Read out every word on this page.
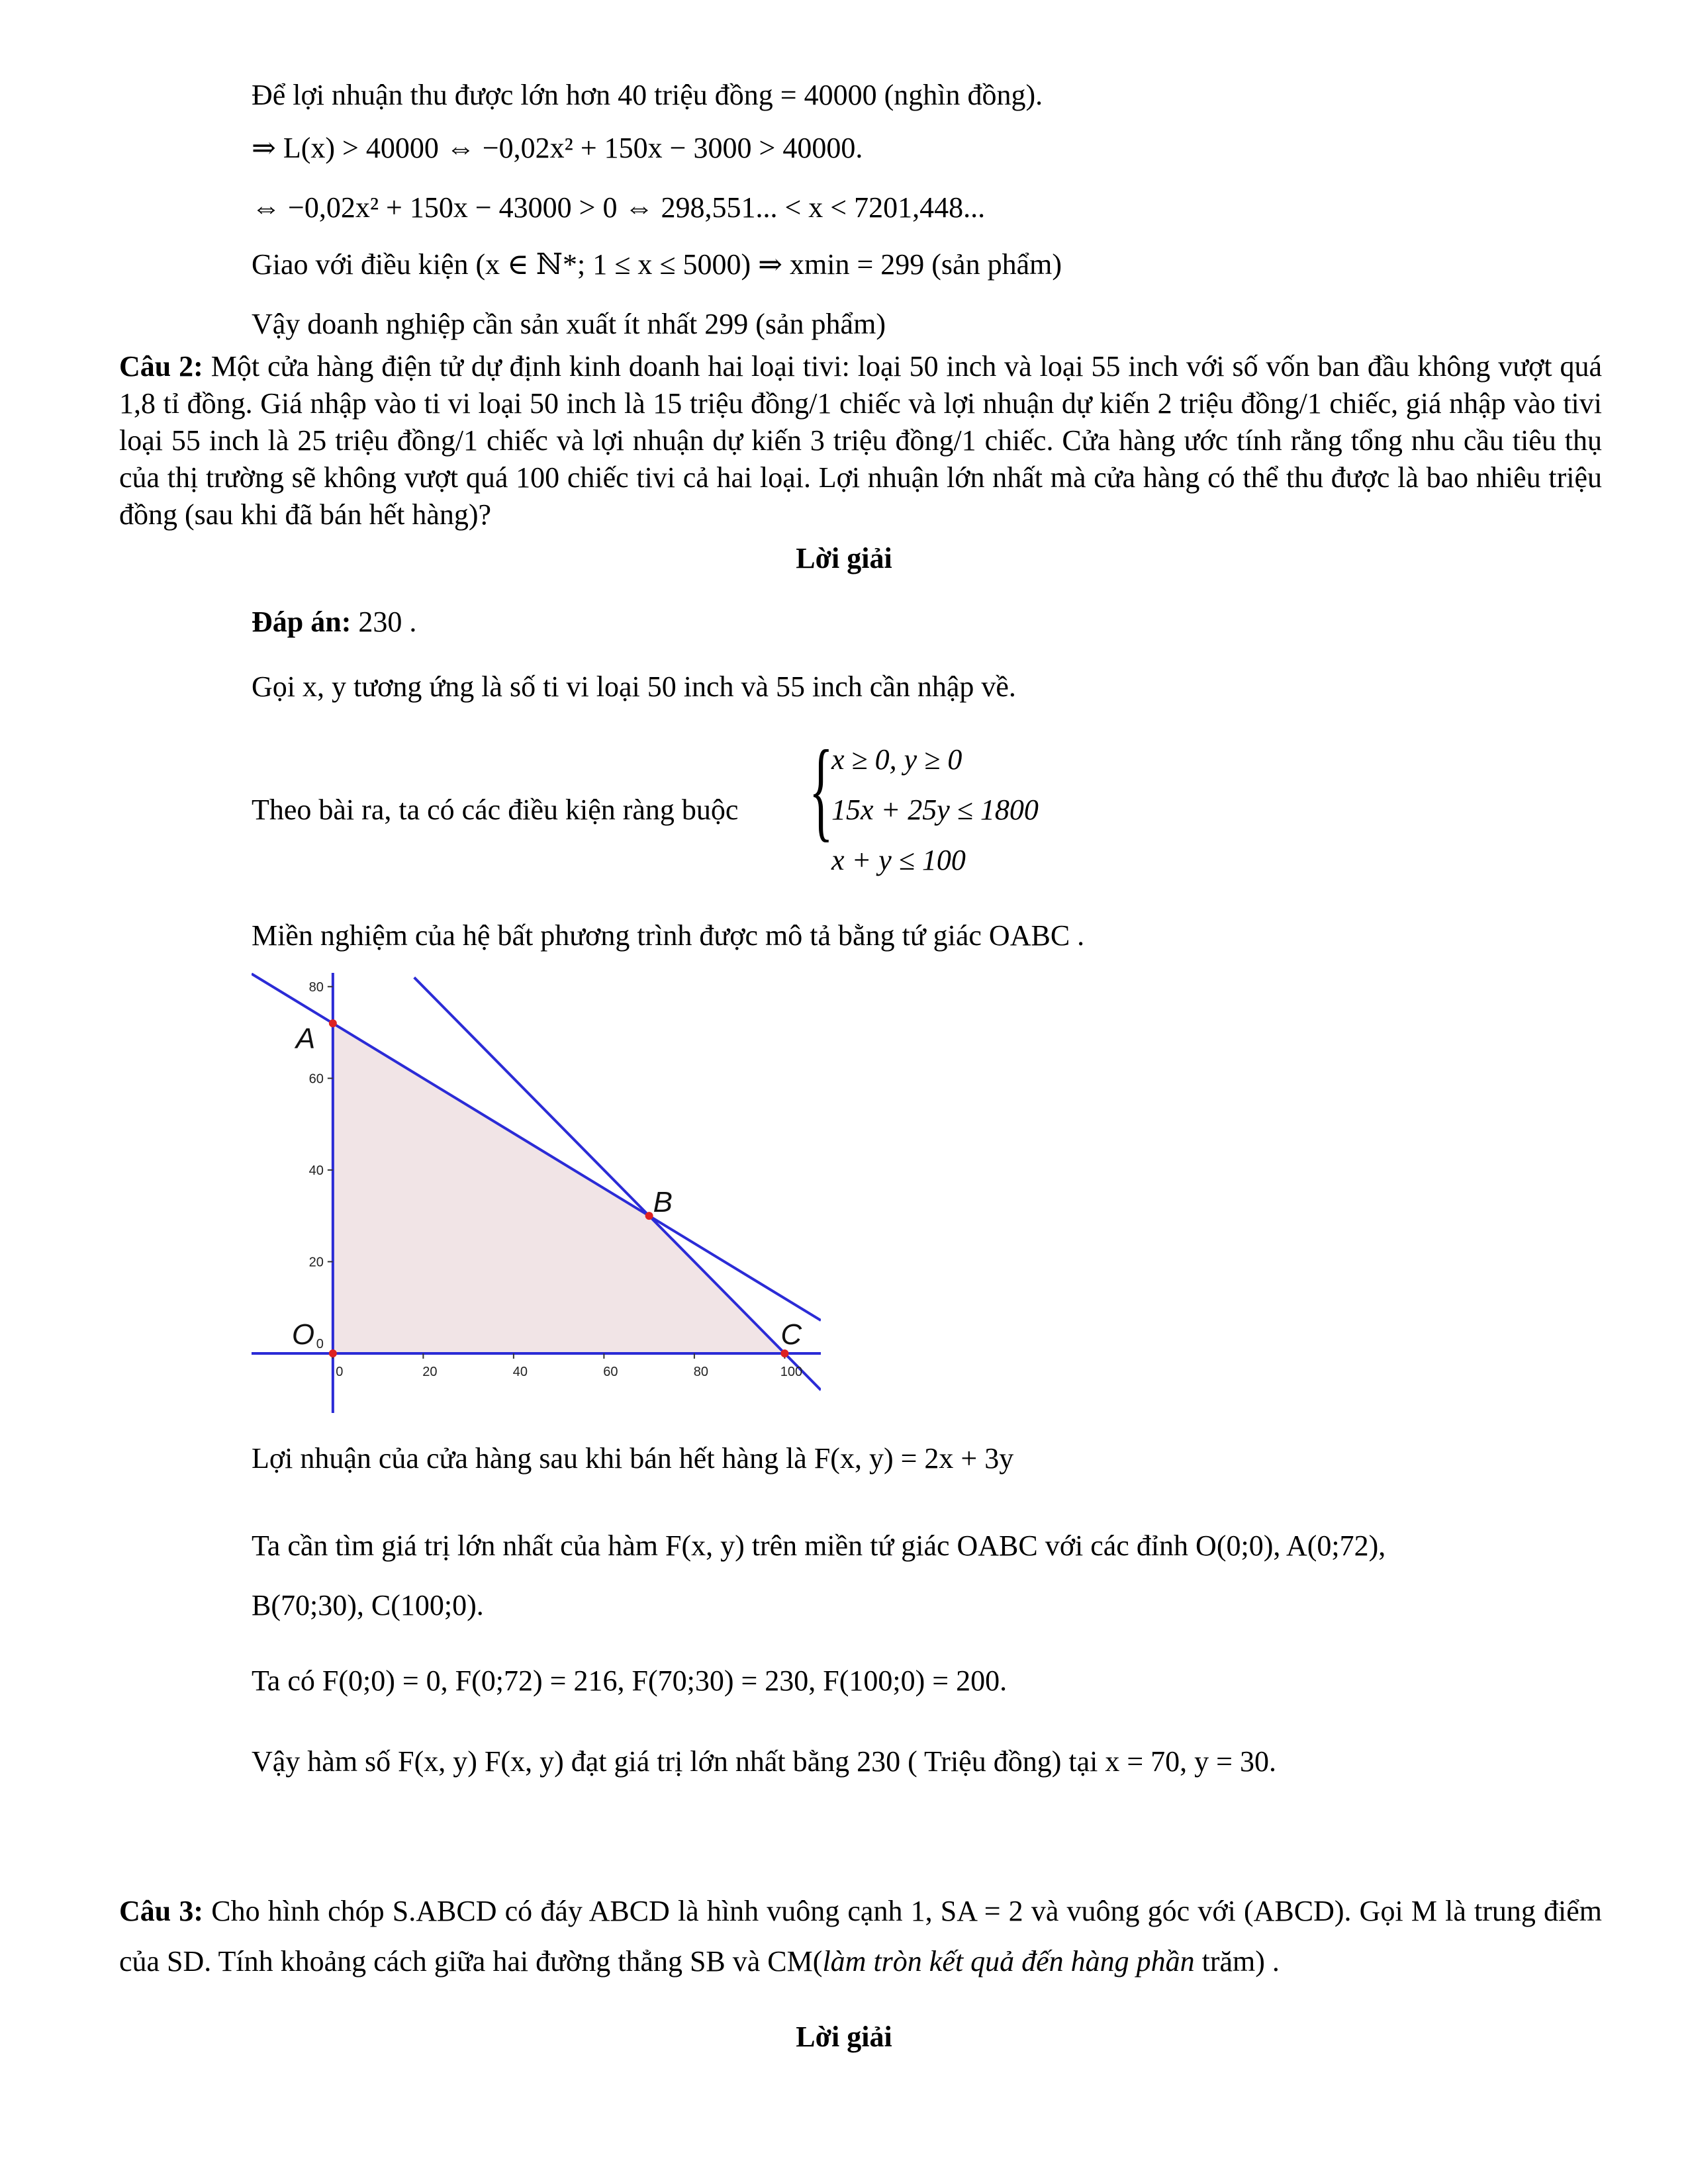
Để lợi nhuận thu được lớn hơn 40 triệu đồng = 40000 (nghìn đồng).
⇒ L(x) > 40000 ⇔ −0,02x² + 150x − 3000 > 40000.
⇔ −0,02x² + 150x − 43000 > 0 ⇔ 298,551... < x < 7201,448...
Giao với điều kiện (x ∈ ℕ*; 1 ≤ x ≤ 5000) ⇒ xmin = 299 (sản phẩm)
Vậy doanh nghiệp cần sản xuất ít nhất 299 (sản phẩm)
Câu 2: Một cửa hàng điện tử dự định kinh doanh hai loại tivi: loại 50 inch và loại 55 inch với số vốn ban đầu không vượt quá 1,8 tỉ đồng. Giá nhập vào ti vi loại 50 inch là 15 triệu đồng/1 chiếc và lợi nhuận dự kiến 2 triệu đồng/1 chiếc, giá nhập vào tivi loại 55 inch là 25 triệu đồng/1 chiếc và lợi nhuận dự kiến 3 triệu đồng/1 chiếc. Cửa hàng ước tính rằng tổng nhu cầu tiêu thụ của thị trường sẽ không vượt quá 100 chiếc tivi cả hai loại. Lợi nhuận lớn nhất mà cửa hàng có thể thu được là bao nhiêu triệu đồng (sau khi đã bán hết hàng)?
Lời giải
Đáp án: 230 .
Gọi x, y tương ứng là số ti vi loại 50 inch và 55 inch cần nhập về.
Theo bài ra, ta có các điều kiện ràng buộc {
x ≥ 0, y ≥ 0
15x + 25y ≤ 1800
x + y ≤ 100
Miền nghiệm của hệ bất phương trình được mô tả bằng tứ giác OABC .
0	20	40	60	80	100
20
40
60
80
0
O
A
B
C
Lợi nhuận của cửa hàng sau khi bán hết hàng là F(x, y) = 2x + 3y
Ta cần tìm giá trị lớn nhất của hàm F(x, y) trên miền tứ giác OABC với các đỉnh O(0;0), A(0;72),
B(70;30), C(100;0).
Ta có F(0;0) = 0, F(0;72) = 216, F(70;30) = 230, F(100;0) = 200.
Vậy hàm số F(x, y) F(x, y) đạt giá trị lớn nhất bằng 230 ( Triệu đồng) tại x = 70, y = 30.
Câu 3: Cho hình chóp S.ABCD có đáy ABCD là hình vuông cạnh 1, SA = 2 và vuông góc với (ABCD). Gọi M là trung điểm của SD. Tính khoảng cách giữa hai đường thẳng SB và CM(làm tròn kết quả đến hàng phần trăm) .
Lời giải
